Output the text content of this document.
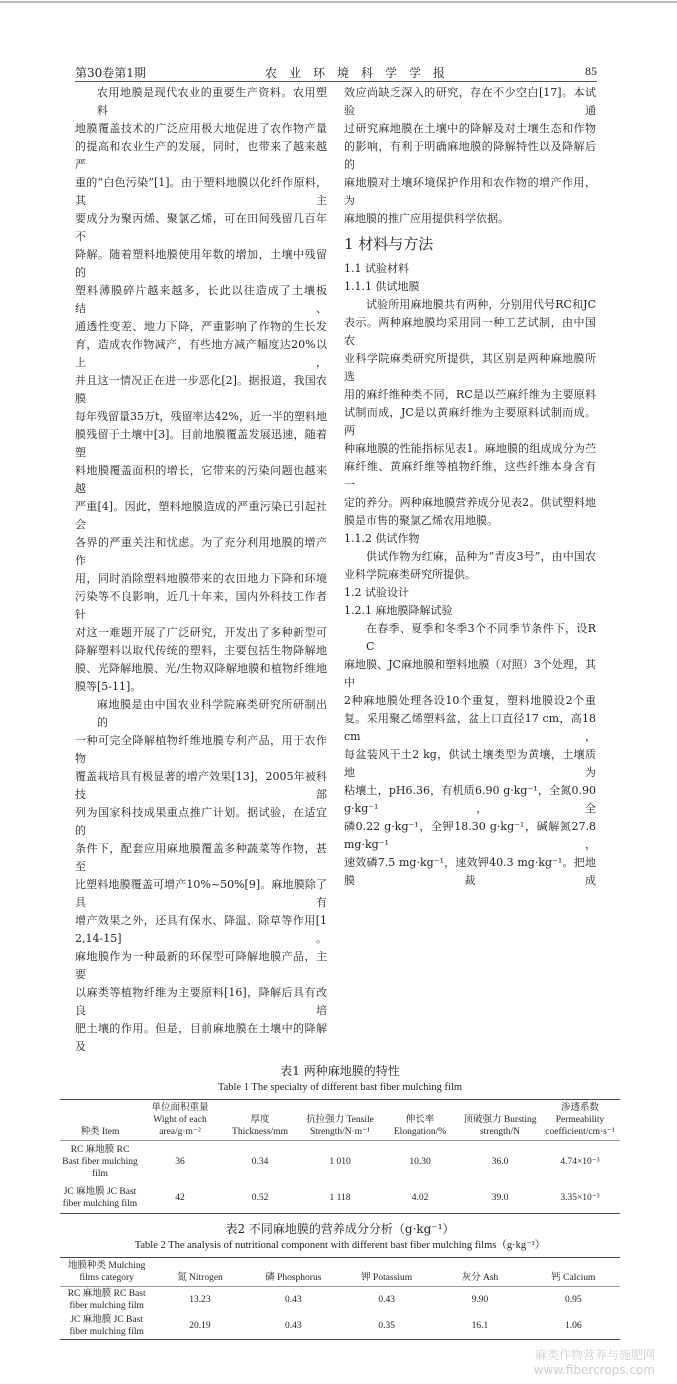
第30卷第1期	农业环境科学学报	85
农用地膜是现代农业的重要生产资料。农用塑料
地膜覆盖技术的广泛应用极大地促进了农作物产量
的提高和农业生产的发展，同时，也带来了越来越严
重的“白色污染”[1]。由于塑料地膜以化纤作原料，其主
要成分为聚丙烯、聚氯乙烯，可在田间残留几百年不
降解。随着塑料地膜使用年数的增加，土壤中残留的
塑料薄膜碎片越来越多，长此以往造成了土壤板结、
通透性变差、地力下降，严重影响了作物的生长发
育，造成农作物减产，有些地方减产幅度达20%以上，
并且这一情况正在进一步恶化[2]。据报道，我国农膜
每年残留量35万t，残留率达42%，近一半的塑料地
膜残留于土壤中[3]。目前地膜覆盖发展迅速，随着塑
料地膜覆盖面积的增长，它带来的污染问题也越来越
严重[4]。因此，塑料地膜造成的严重污染已引起社会
各界的严重关注和忧虑。为了充分利用地膜的增产作
用，同时消除塑料地膜带来的农田地力下降和环境
污染等不良影响，近几十年来，国内外科技工作者针
对这一难题开展了广泛研究，开发出了多种新型可
降解塑料以取代传统的塑料，主要包括生物降解地
膜、光降解地膜、光/生物双降解地膜和植物纤维地
膜等[5-11]。
麻地膜是由中国农业科学院麻类研究所研制出的
一种可完全降解植物纤维地膜专利产品，用于农作物
覆盖栽培具有极显著的增产效果[13]，2005年被科技部
列为国家科技成果重点推广计划。据试验，在适宜的
条件下，配套应用麻地膜覆盖多种蔬菜等作物，甚至
比塑料地膜覆盖可增产10%~50%[9]。麻地膜除了具有
增产效果之外，还具有保水、降温、除草等作用[12,14-15]。
麻地膜作为一种最新的环保型可降解地膜产品，主要
以麻类等植物纤维为主要原料[16]，降解后具有改良培
肥土壤的作用。但是，目前麻地膜在土壤中的降解及
效应尚缺乏深入的研究，存在不少空白[17]。本试验通
过研究麻地膜在土壤中的降解及对土壤生态和作物
的影响，有利于明确麻地膜的降解特性以及降解后的
麻地膜对土壤环境保护作用和农作物的增产作用，为
麻地膜的推广应用提供科学依据。
1 材料与方法
1.1 试验材料
1.1.1 供试地膜
试验所用麻地膜共有两种，分别用代号RC和JC
表示。两种麻地膜均采用同一种工艺试制，由中国农
业科学院麻类研究所提供，其区别是两种麻地膜所选
用的麻纤维种类不同，RC是以苎麻纤维为主要原料
试制而成，JC是以黄麻纤维为主要原料试制而成。两
种麻地膜的性能指标见表1。麻地膜的组成成分为苎
麻纤维、黄麻纤维等植物纤维，这些纤维本身含有一
定的养分。两种麻地膜营养成分见表2。供试塑料地
膜是市售的聚氯乙烯农用地膜。
1.1.2 供试作物
供试作物为红麻，品种为“青皮3号”，由中国农
业科学院麻类研究所提供。
1.2 试验设计
1.2.1 麻地膜降解试验
在春季、夏季和冬季3个不同季节条件下，设RC
麻地膜、JC麻地膜和塑料地膜（对照）3个处理，其中
2种麻地膜处理各设10个重复，塑料地膜设2个重
复。采用聚乙烯塑料盆，盆上口直径17 cm，高18 cm，
每盆装风干土2 kg，供试土壤类型为黄壤，土壤质地为
粘壤土，pH6.36，有机质6.90 g·kg⁻¹，全氮0.90 g·kg⁻¹，全
磷0.22 g·kg⁻¹，全钾18.30 g·kg⁻¹，碱解氮27.8 mg·kg⁻¹，
速效磷7.5 mg·kg⁻¹，速效钾40.3 mg·kg⁻¹。把地膜裁成
表1 两种麻地膜的特性
Table 1 The specialty of different bast fiber mulching film
种类 Item	单位面积重量 Wight of each area/g·m⁻²	厚度 Thickness/mm	抗拉强力 Tensile Strength/N·m⁻¹	伸长率 Elongation/%	顶破强力 Bursting strength/N	渗透系数 Permeability coefficient/cm·s⁻¹
RC 麻地膜 RC Bast fiber mulching film	36	0.34	1 010	10.30	36.0	4.74×10⁻³
JC 麻地膜 JC Bast fiber mulching film	42	0.52	1 118	4.02	39.0	3.35×10⁻³
表2 不同麻地膜的营养成分分析（g·kg⁻¹）
Table 2 The analysis of nutritional component with different bast fiber mulching films（g·kg⁻¹）
地膜种类 Mulching films category	氮 Nitrogen	磷 Phosphorus	钾 Potassium	灰分 Ash	钙 Calcium
RC 麻地膜 RC Bast fiber mulching film	13.23	0.43	0.43	9.90	0.95
JC 麻地膜 JC Bast fiber mulching film	20.19	0.43	0.35	16.1	1.06
麻类作物营养与施肥网
www.fibercrops.com
